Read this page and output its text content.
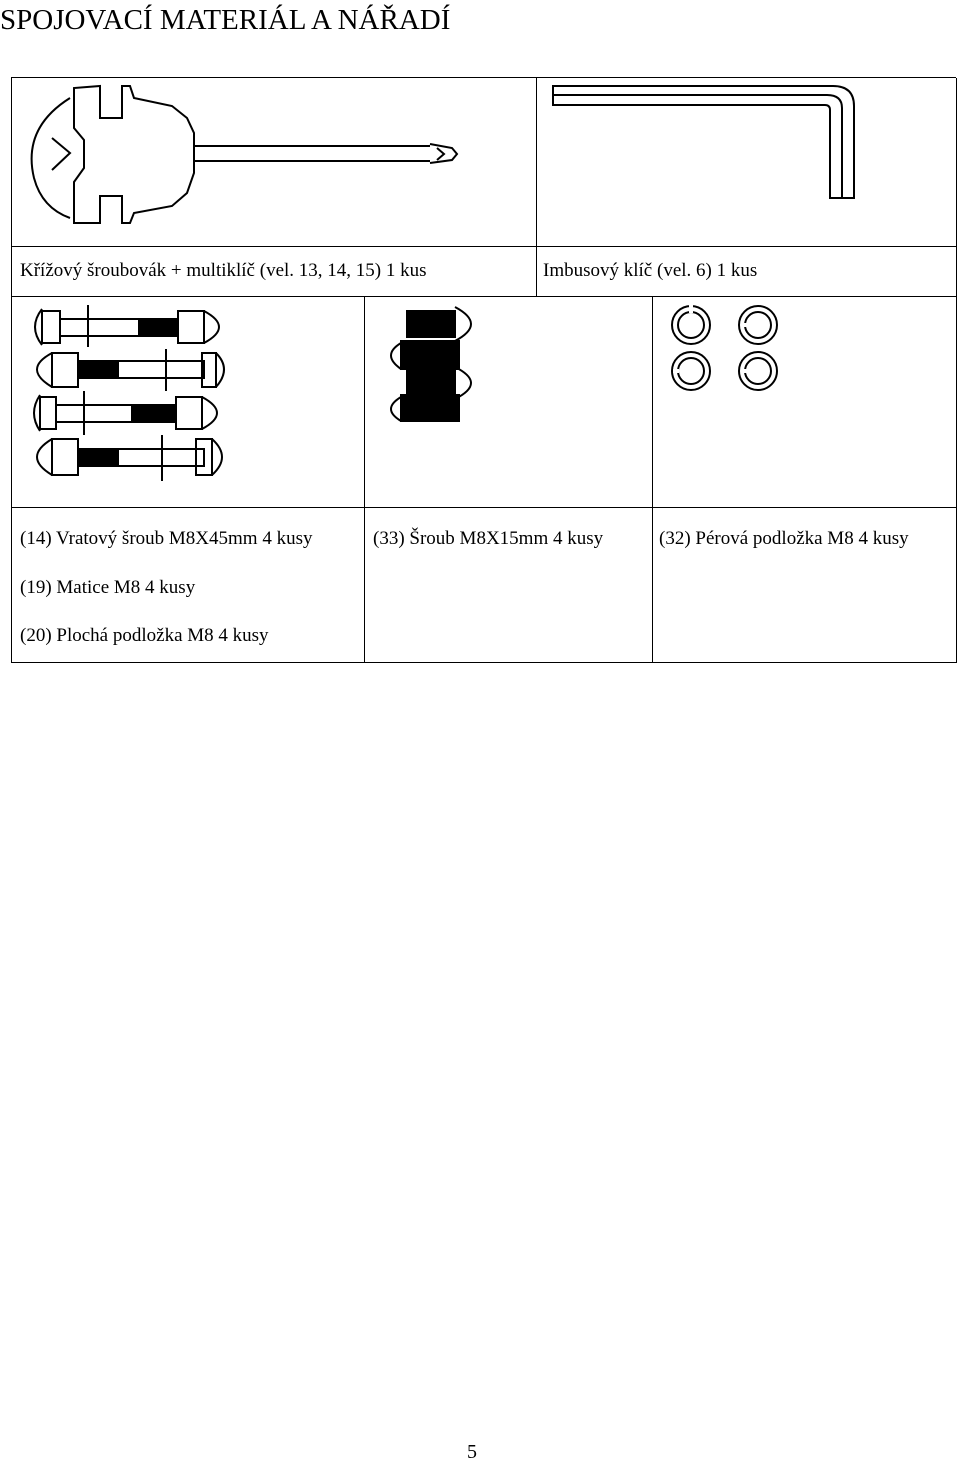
SPOJOVACÍ MATERIÁL A NÁŘADÍ
Křížový šroubovák + multiklíč (vel. 13, 14, 15) 1 kus	Imbusový klíč (vel. 6) 1 kus

(14) Vratový šroub M8X45mm 4 kusy

(19) Matice M8 4 kusy

(20) Plochá podložka M8 4 kusy

(33) Šroub M8X15mm 4 kusy	(32) Pérová podložka M8 4 kusy

5
